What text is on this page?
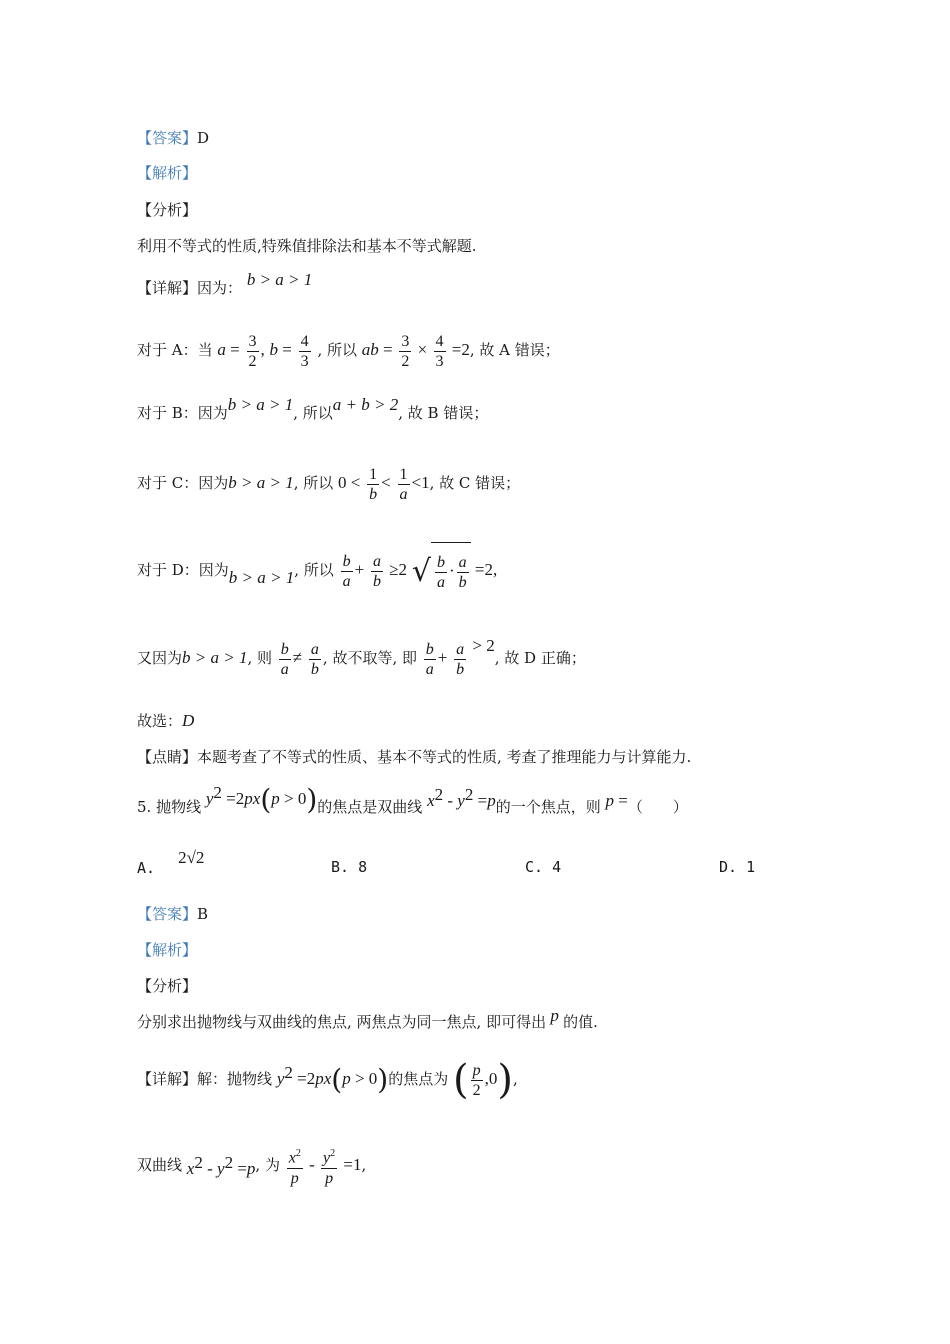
【答案】D
【解析】
【分析】
利用不等式的性质,特殊值排除法和基本不等式解题.
【详解】因为： b > a > 1
对于 A：当 $a = \frac{3}{2}$ , $b = \frac{4}{3}$ , 所以 ab = $\frac{3}{2} \times \frac{4}{3} =2$, 故 A 错误；
对于 B：因为b > a > 1, 所以a + b > 2, 故 B 错误；
对于 C：因为b > a > 1, 所以 $0 < \frac{1}{b} < \frac{1}{a} <1$, 故 C 错误；
对于 D：因为b > a > 1, 所以 $\frac{b}{a} + \frac{a}{b} \ge 2$ √ $\frac{b}{a} \cdot \frac{a}{b} =2$,
又因为b > a > 1, 则 $\frac{b}{a} \ne \frac{a}{b}$ , 故不取等, 即 $\frac{b}{a} + \frac{a}{b} > 2$, 故 D 正确；
故选：D
【点睛】本题考查了不等式的性质、基本不等式的性质, 考查了推理能力与计算能力.
5. 抛物线 $y^2 =2px(p > 0)$的焦点是双曲线 $x^2 - y^2 =p$的一个焦点，则 p =（　　）
A. 2√2	B. 8	C. 4	D. 1
【答案】B
【解析】
【分析】
分别求出抛物线与双曲线的焦点, 两焦点为同一焦点, 即可得出 p 的值.
【详解】解：抛物线 $y^2 =2px(p > 0)$的焦点为 ( $\frac{p}{2} ,0$),
双曲线 $x^2 - y^2 =p$, 为 $\frac{x^2}{p} - \frac{y^2}{p} =1$,
